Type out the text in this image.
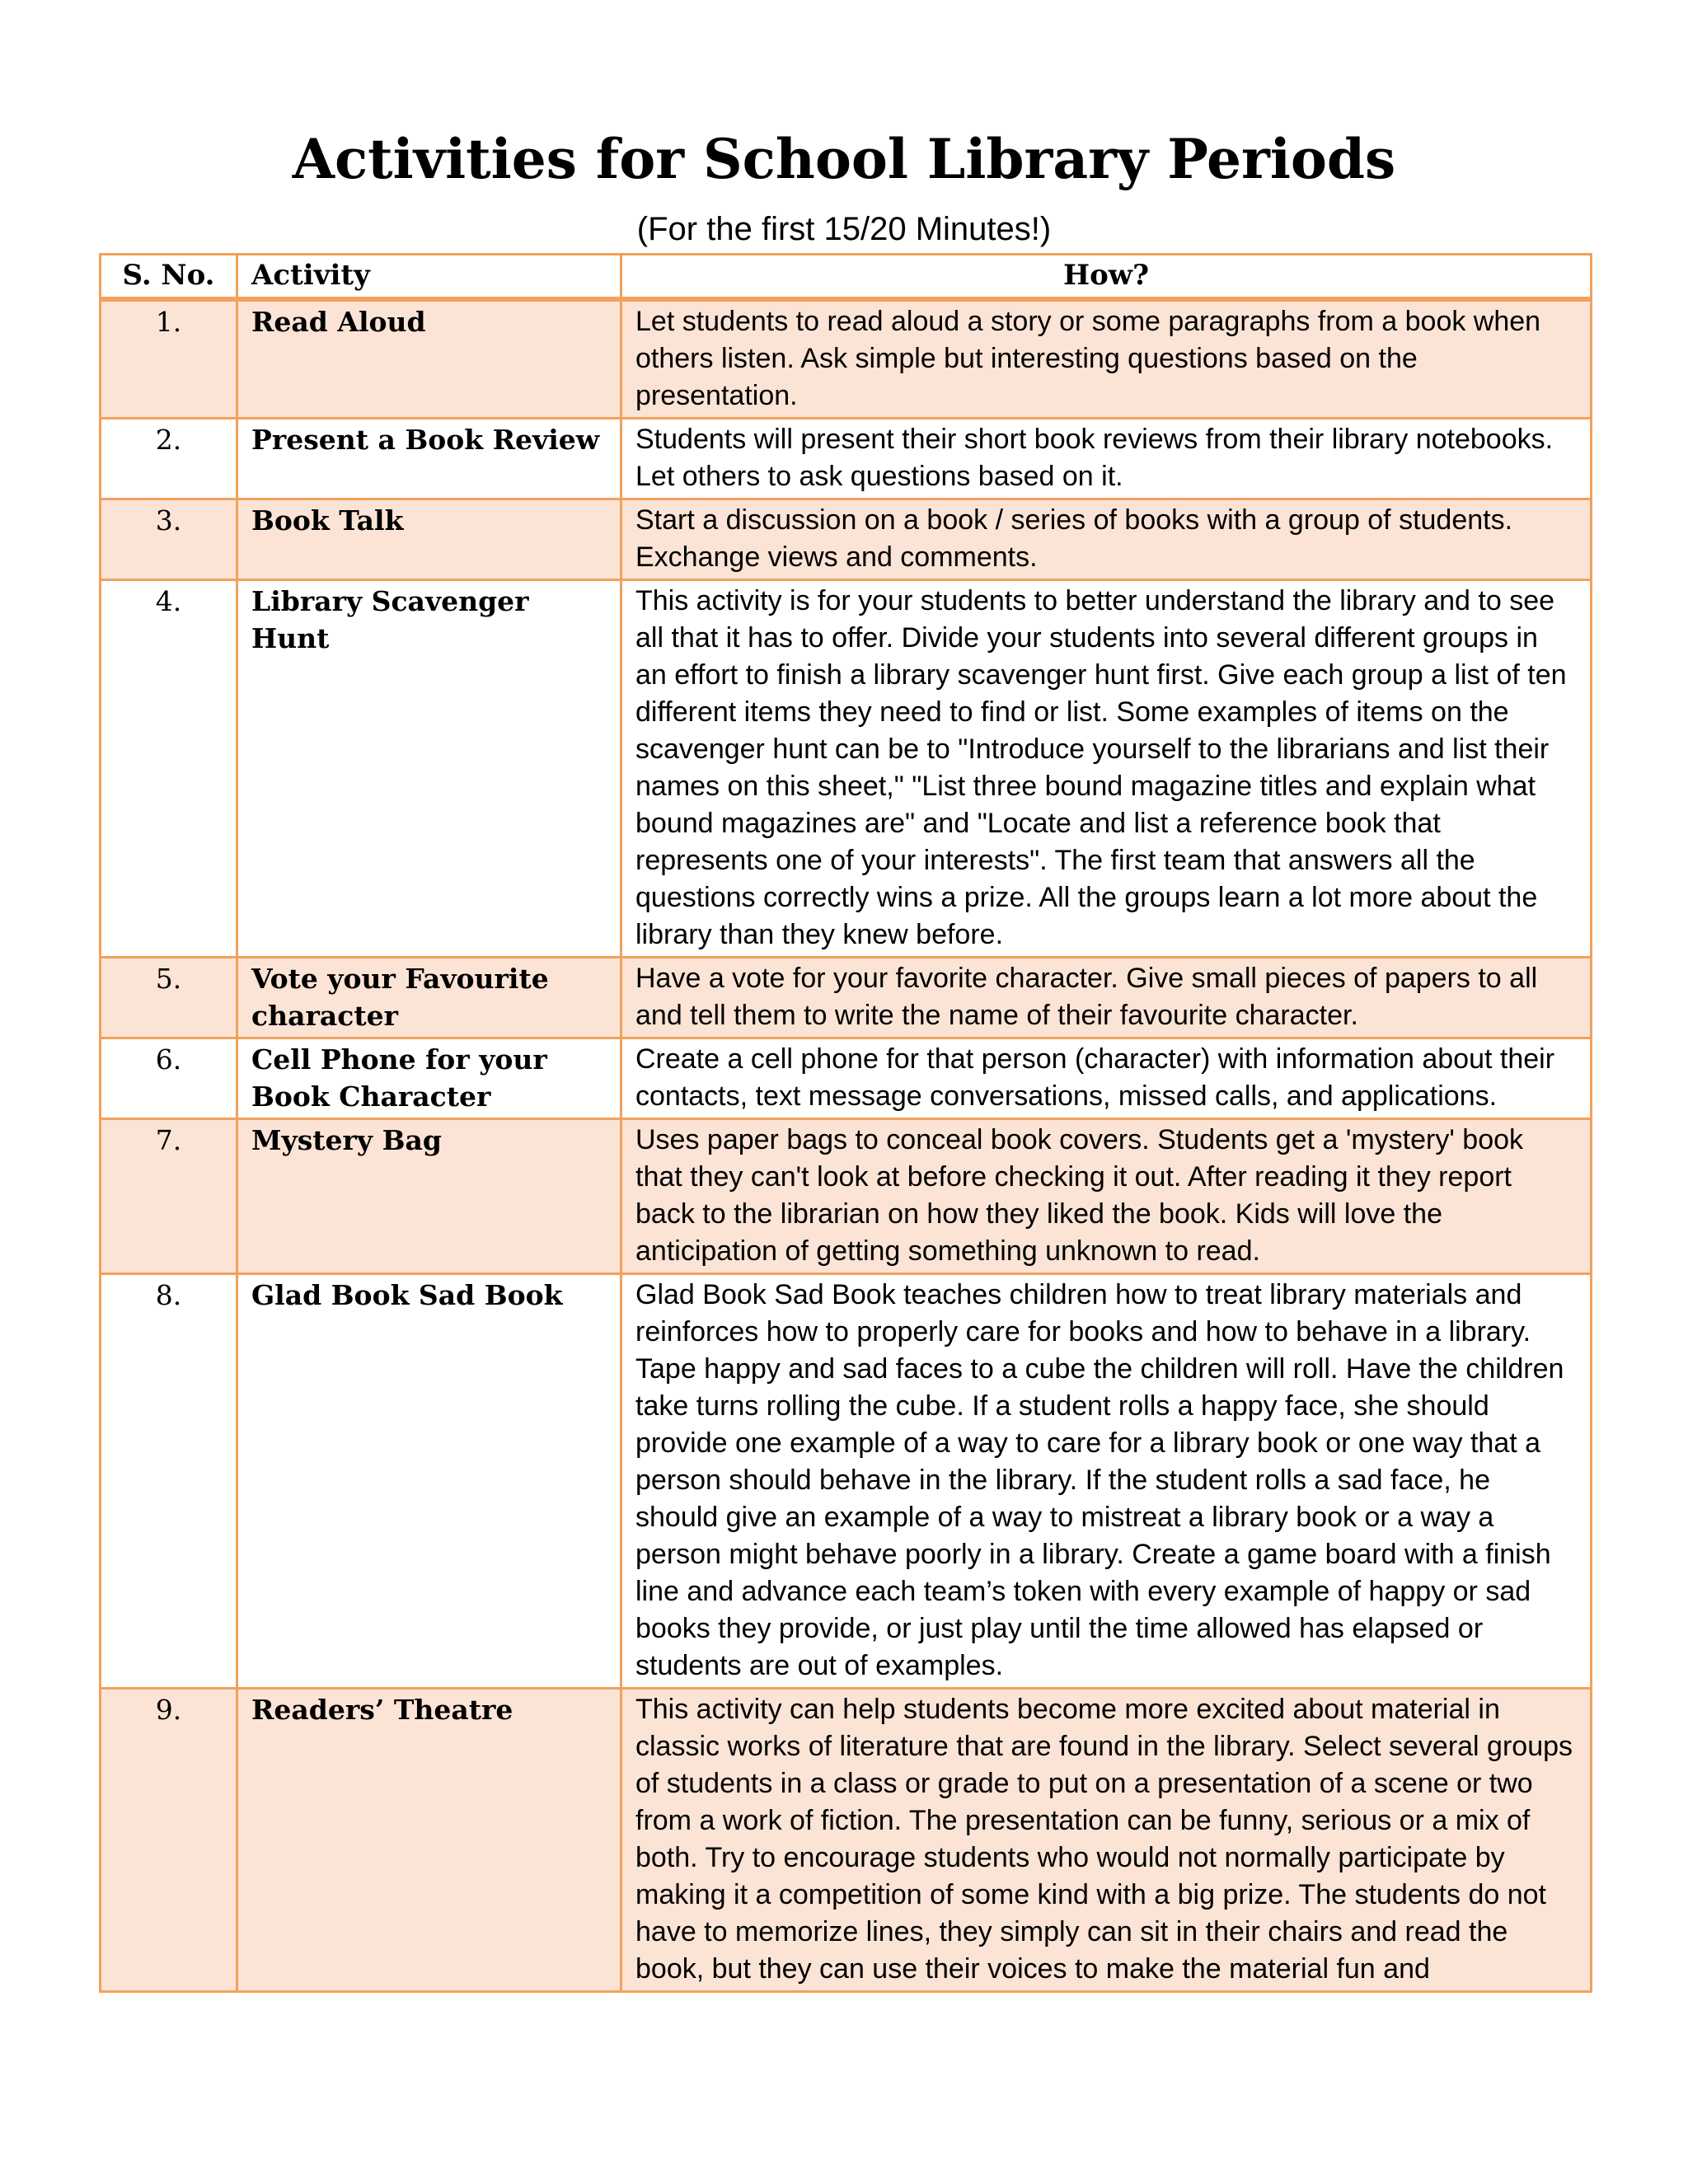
Activities for School Library Periods

(For the first 15/20 Minutes!)

S. No.	Activity	How?
1.	Read Aloud	Let students to read aloud a story or some paragraphs from a book when others listen. Ask simple but interesting questions based on the presentation.
2.	Present a Book Review	Students will present their short book reviews from their library notebooks. Let others to ask questions based on it.
3.	Book Talk	Start a discussion on a book / series of books with a group of students. Exchange views and comments.
4.	Library Scavenger Hunt	This activity is for your students to better understand the library and to see all that it has to offer. Divide your students into several different groups in an effort to finish a library scavenger hunt first. Give each group a list of ten different items they need to find or list. Some examples of items on the scavenger hunt can be to "Introduce yourself to the librarians and list their names on this sheet," "List three bound magazine titles and explain what bound magazines are" and "Locate and list a reference book that represents one of your interests". The first team that answers all the questions correctly wins a prize. All the groups learn a lot more about the library than they knew before.
5.	Vote your Favourite character	Have a vote for your favorite character. Give small pieces of papers to all and tell them to write the name of their favourite character.
6.	Cell Phone for your Book Character	Create a cell phone for that person (character) with information about their contacts, text message conversations, missed calls, and applications.
7.	Mystery Bag	Uses paper bags to conceal book covers. Students get a 'mystery' book that they can't look at before checking it out. After reading it they report back to the librarian on how they liked the book. Kids will love the anticipation of getting something unknown to read.
8.	Glad Book Sad Book	Glad Book Sad Book teaches children how to treat library materials and reinforces how to properly care for books and how to behave in a library. Tape happy and sad faces to a cube the children will roll. Have the children take turns rolling the cube. If a student rolls a happy face, she should provide one example of a way to care for a library book or one way that a person should behave in the library. If the student rolls a sad face, he should give an example of a way to mistreat a library book or a way a person might behave poorly in a library. Create a game board with a finish line and advance each team’s token with every example of happy or sad books they provide, or just play until the time allowed has elapsed or students are out of examples.
9.	Readers’ Theatre	This activity can help students become more excited about material in classic works of literature that are found in the library. Select several groups of students in a class or grade to put on a presentation of a scene or two from a work of fiction. The presentation can be funny, serious or a mix of both. Try to encourage students who would not normally participate by making it a competition of some kind with a big prize. The students do not have to memorize lines, they simply can sit in their chairs and read the book, but they can use their voices to make the material fun and
